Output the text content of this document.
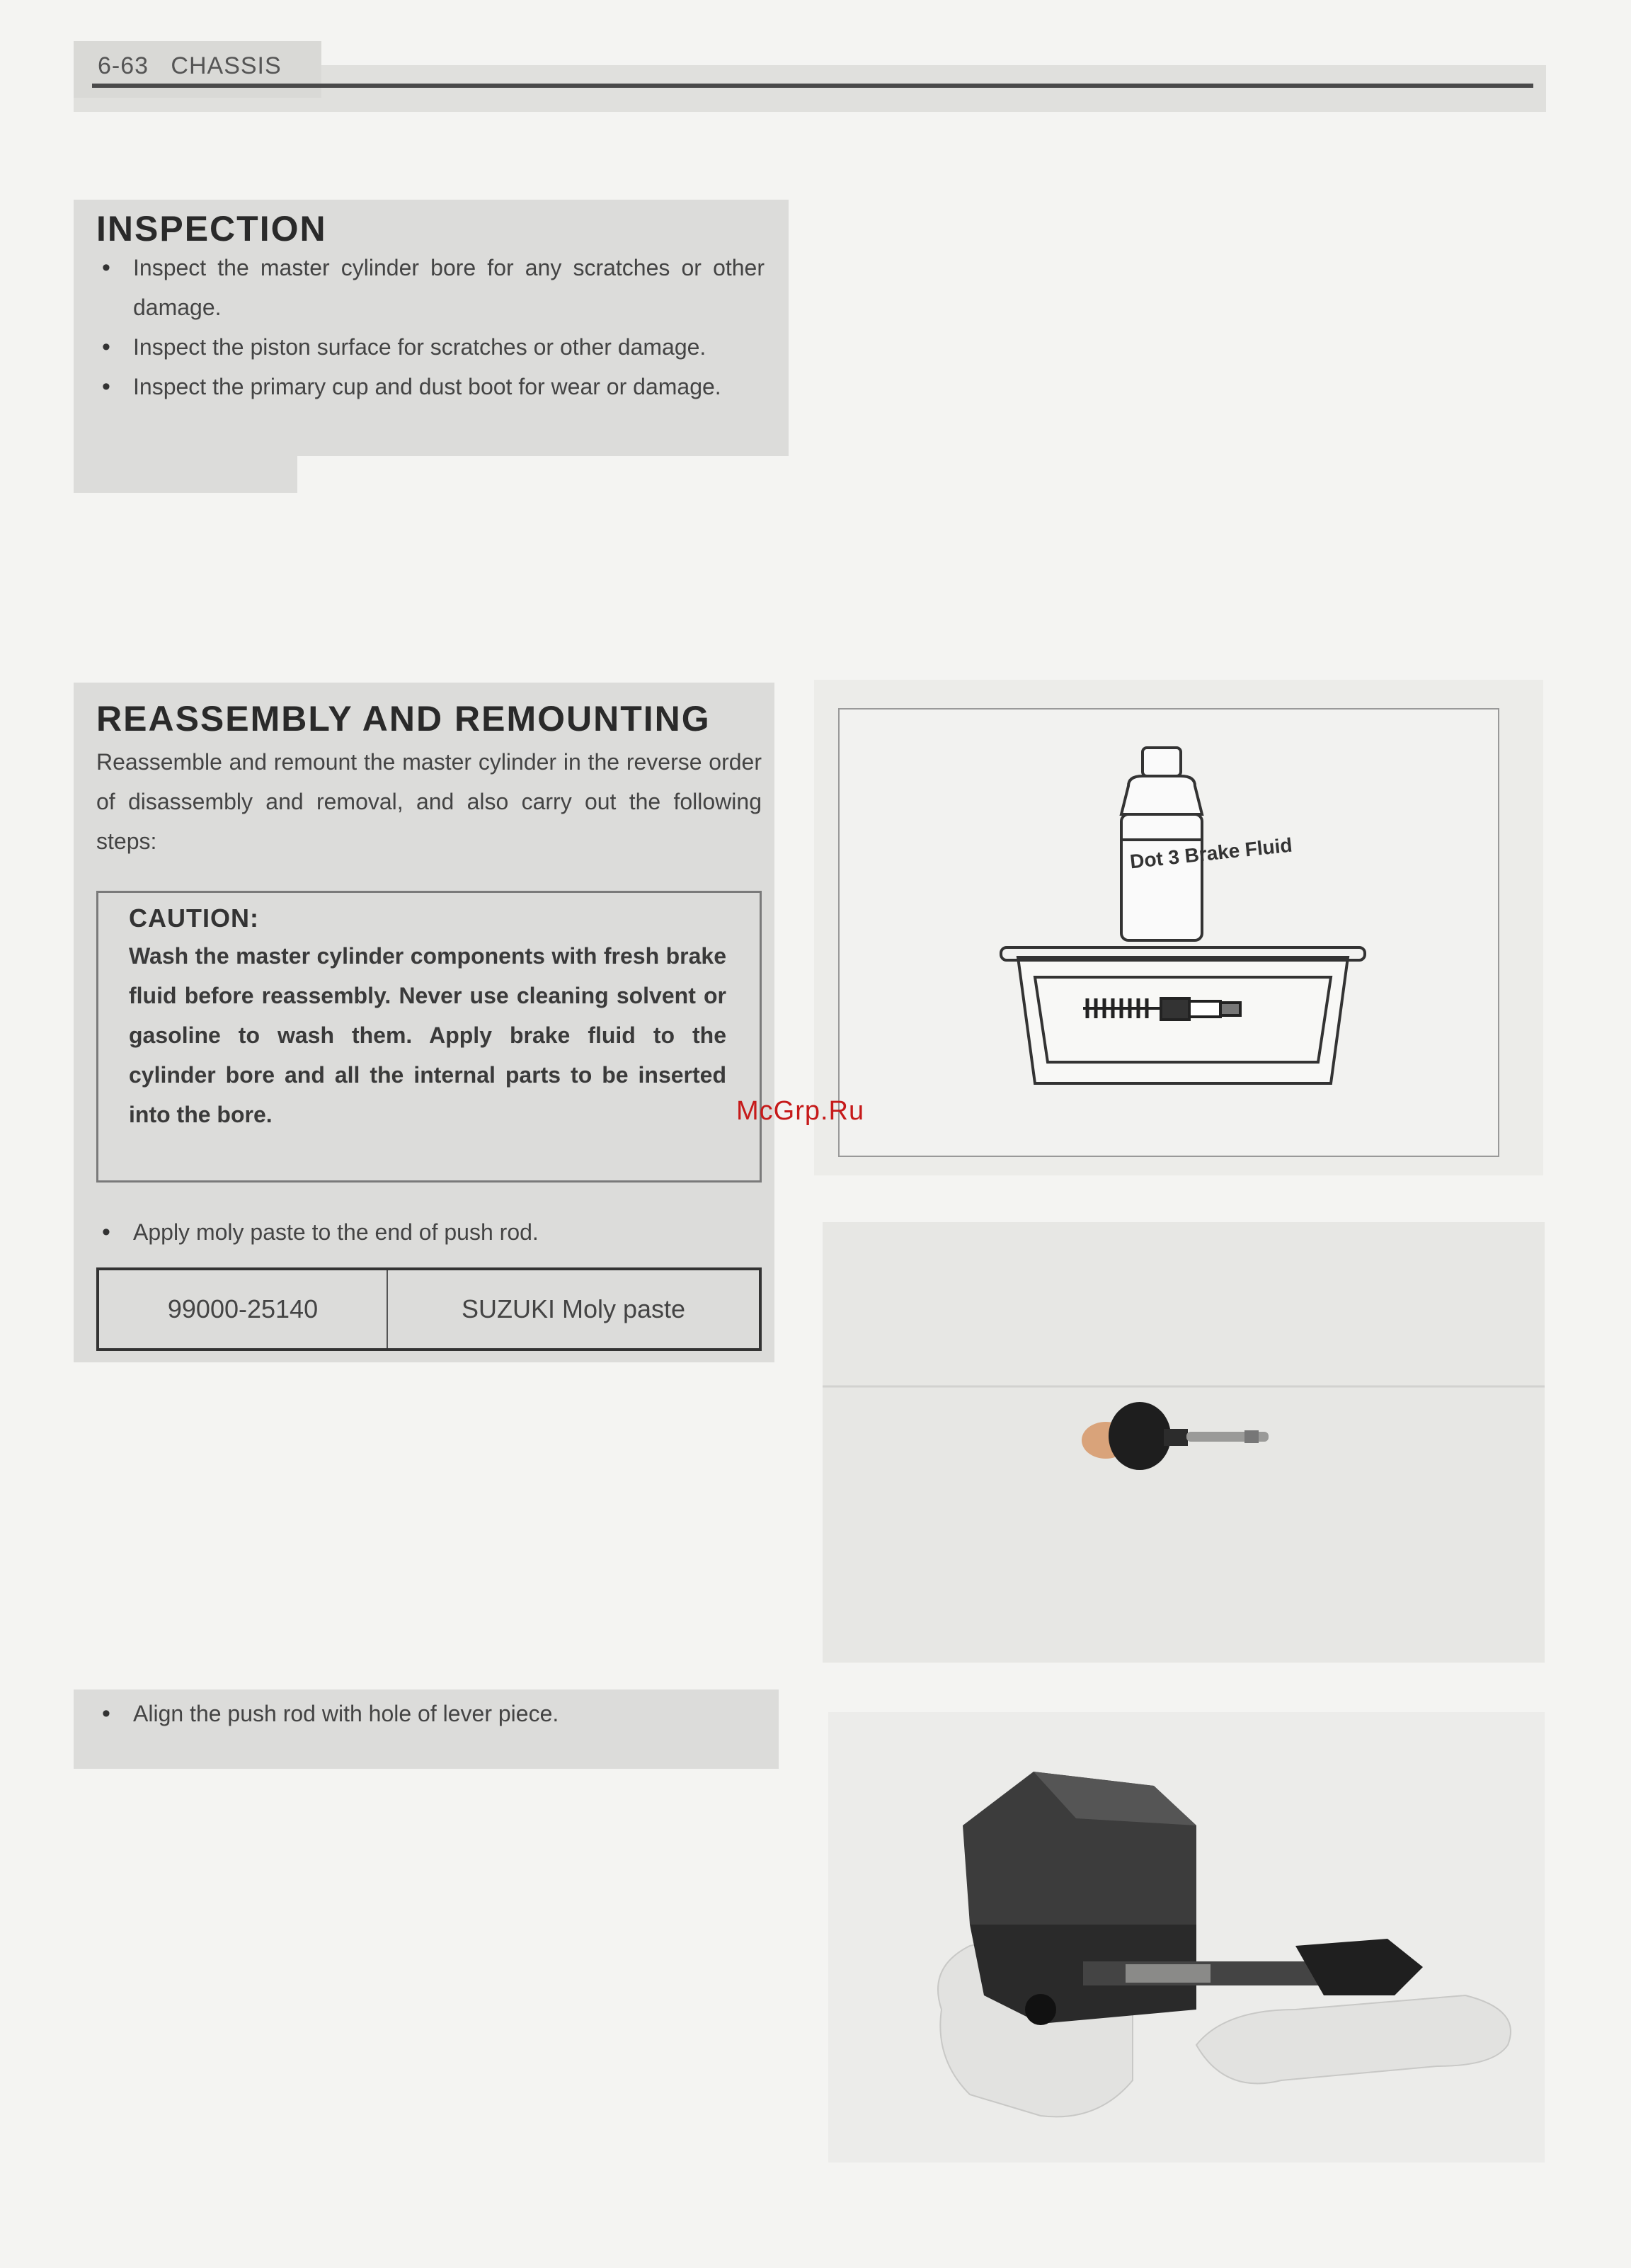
6-63 CHASSIS
INSPECTION
• Inspect the master cylinder bore for any scratches or other damage.
• Inspect the piston surface for scratches or other damage.
• Inspect the primary cup and dust boot for wear or damage.
REASSEMBLY AND REMOUNTING

Reassemble and remount the master cylinder in the reverse order of disassembly and removal, and also carry out the following steps:

CAUTION:

Wash the master cylinder components with fresh brake fluid before reassembly. Never use cleaning solvent or gasoline to wash them. Apply brake fluid to the cylinder bore and all the internal parts to be inserted into the bore.

• Apply moly paste to the end of push rod.
99000-25140	SUZUKI Moly paste
• Align the push rod with hole of lever piece.
Dot 3 Brake Fluid
McGrp.Ru
